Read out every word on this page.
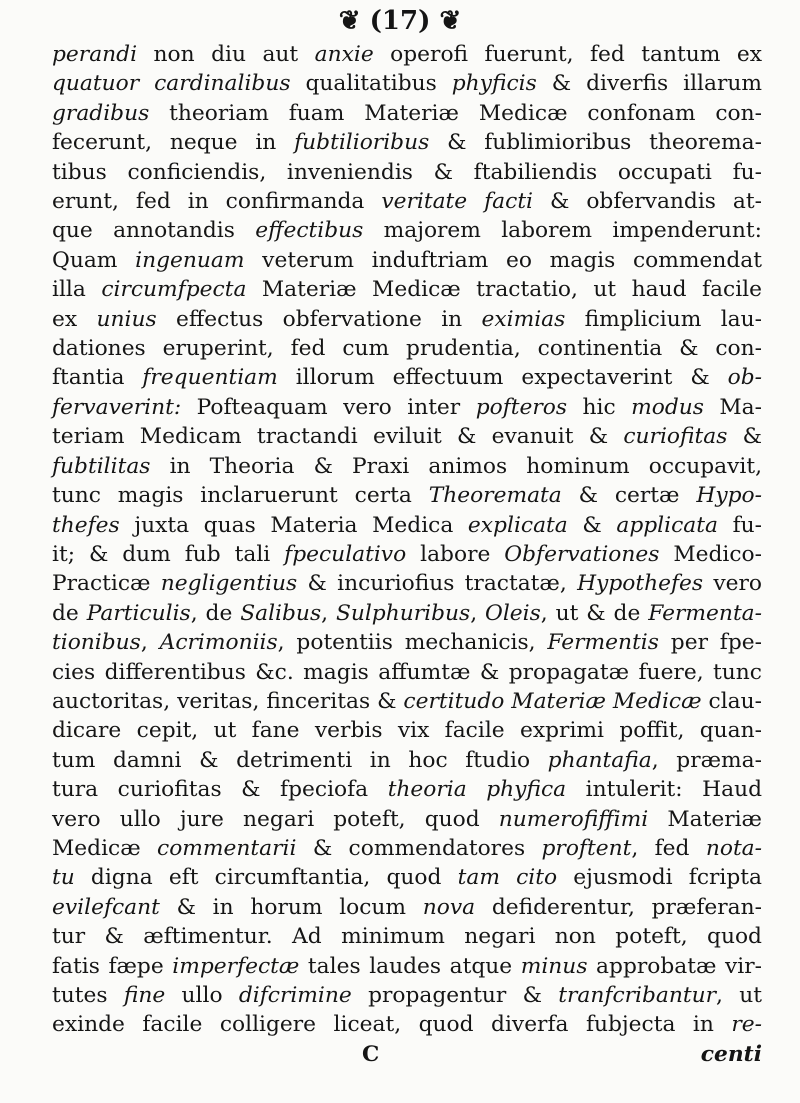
❦ (17) ❦
perandi non diu aut anxie operofi fuerunt, fed tantum ex
quatuor cardinalibus qualitatibus phyficis & diverfis illarum
gradibus theoriam fuam Materiæ Medicæ confonam con-
fecerunt, neque in fubtilioribus & fublimioribus theorema-
tibus conficiendis, inveniendis & ftabiliendis occupati fu-
erunt, fed in confirmanda veritate facti & obfervandis at-
que annotandis effectibus majorem laborem impenderunt:
Quam ingenuam veterum induftriam eo magis commendat
illa circumfpecta Materiæ Medicæ tractatio, ut haud facile
ex unius effectus obfervatione in eximias fimplicium lau-
dationes eruperint, fed cum prudentia, continentia & con-
ftantia frequentiam illorum effectuum expectaverint & ob-
fervaverint: Pofteaquam vero inter pofteros hic modus Ma-
teriam Medicam tractandi eviluit & evanuit & curiofitas &
fubtilitas in Theoria & Praxi animos hominum occupavit,
tunc magis inclaruerunt certa Theoremata & certæ Hypo-
thefes juxta quas Materia Medica explicata & applicata fu-
it; & dum fub tali fpeculativo labore Obfervationes Medico-
Practicæ negligentius & incuriofius tractatæ, Hypothefes vero
de Particulis, de Salibus, Sulphuribus, Oleis, ut & de Fermenta-
tionibus, Acrimoniis, potentiis mechanicis, Fermentis per fpe-
cies differentibus &c. magis affumtæ & propagatæ fuere, tunc
auctoritas, veritas, finceritas & certitudo Materiæ Medicæ clau-
dicare cepit, ut fane verbis vix facile exprimi poffit, quan-
tum damni & detrimenti in hoc ftudio phantafia, præma-
tura curiofitas & fpeciofa theoria phyfica intulerit: Haud
vero ullo jure negari poteft, quod numerofiffimi Materiæ
Medicæ commentarii & commendatores proftent, fed nota-
tu digna eft circumftantia, quod tam cito ejusmodi fcripta
evilefcant & in horum locum nova defiderentur, præferan-
tur & æftimentur. Ad minimum negari non poteft, quod
fatis fæpe imperfectæ tales laudes atque minus approbatæ vir-
tutes fine ullo difcrimine propagentur & tranfcribantur, ut
exinde facile colligere liceat, quod diverfa fubjecta in re-
C	centi
